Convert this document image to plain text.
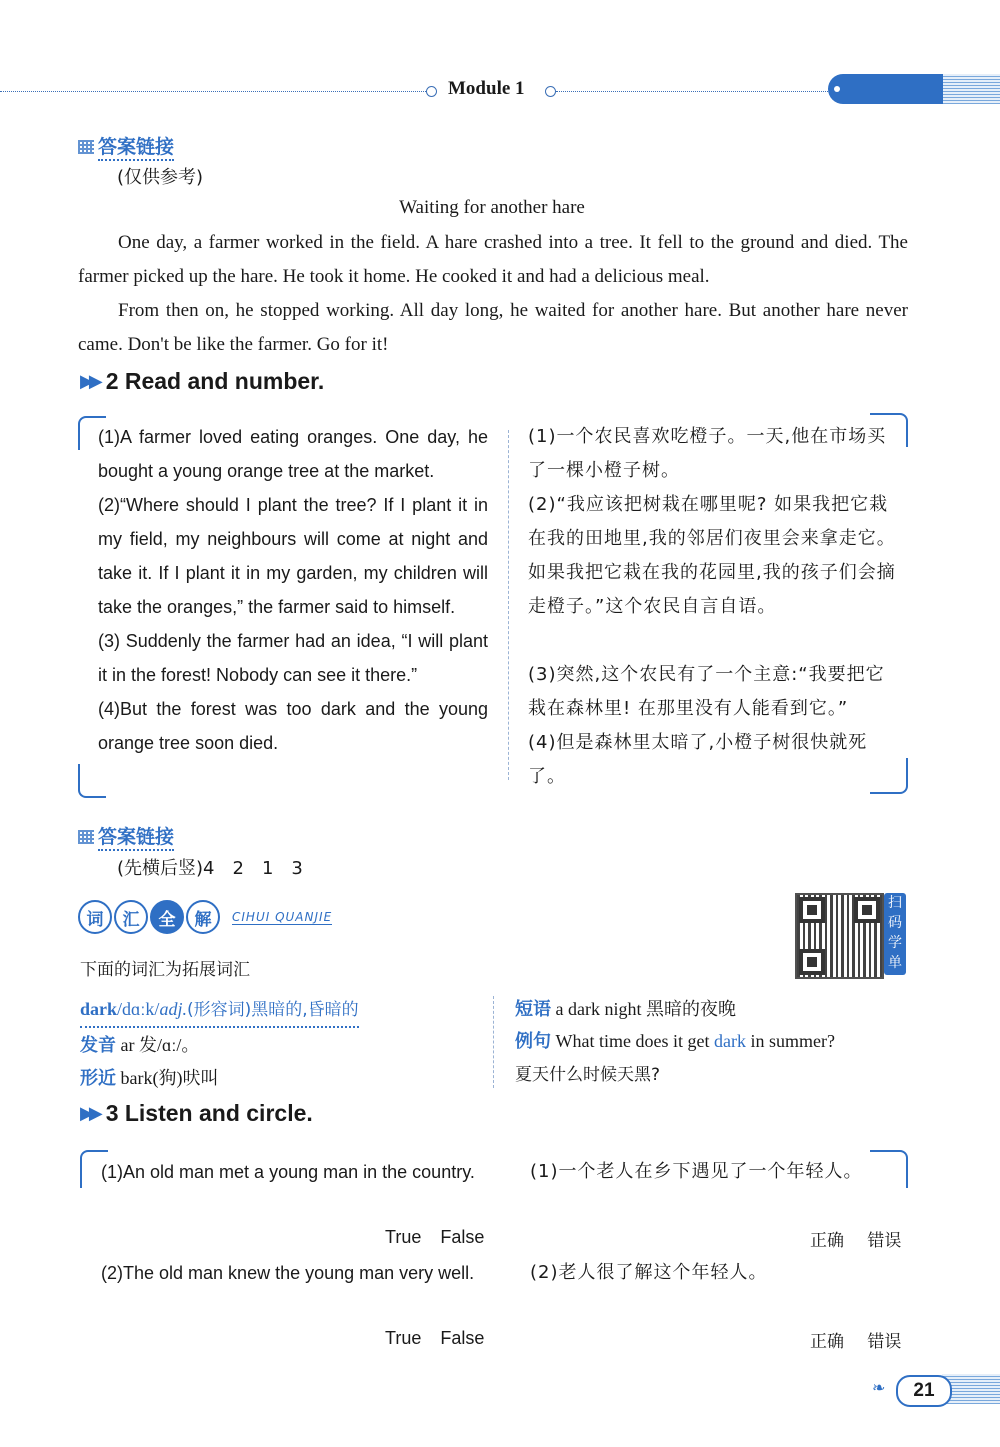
Module 1
答案链接
(仅供参考)
Waiting for another hare

One day, a farmer worked in the field. A hare crashed into a tree. It fell to the ground and died. The farmer picked up the hare. He took it home. He cooked it and had a delicious meal.

From then on, he stopped working. All day long, he waited for another hare. But another hare never came. Don't be like the farmer. Go for it!

▶▶ 2 Read and number.

(1)A farmer loved eating oranges. One day, he bought a young orange tree at the market.

(2)“Where should I plant the tree? If I plant it in my field, my neighbours will come at night and take it. If I plant it in my garden, my children will take the oranges,” the farmer said to himself.

(3) Suddenly the farmer had an idea, “I will plant it in the forest! Nobody can see it there.”

(4)But the forest was too dark and the young orange tree soon died.

(1)一个农民喜欢吃橙子。一天,他在市场买了一棵小橙子树。

(2)“我应该把树栽在哪里呢? 如果我把它栽在我的田地里,我的邻居们夜里会来拿走它。如果我把它栽在我的花园里,我的孩子们会摘走橙子。”这个农民自言自语。

(3)突然,这个农民有了一个主意:“我要把它栽在森林里! 在那里没有人能看到它。”

(4)但是森林里太暗了,小橙子树很快就死了。

答案链接
(先横后竖)4　2　1　3
词	汇	全	解	CIHUI QUANJIE
扫
码
学
单
下面的词汇为拓展词汇
dark/dɑːk/adj.(形容词)黑暗的,昏暗的
发音 ar 发/ɑː/。
形近 bark(狗)吠叫
短语 a dark night 黑暗的夜晚
例句 What time does it get dark in summer?
夏天什么时候天黑?
▶▶ 3 Listen and circle.

(1)An old man met a young man in the country.

True False

(1)一个老人在乡下遇见了一个年轻人。

正确 错误

(2)The old man knew the young man very well.

True False

(2)老人很了解这个年轻人。

正确 错误
❧	21
